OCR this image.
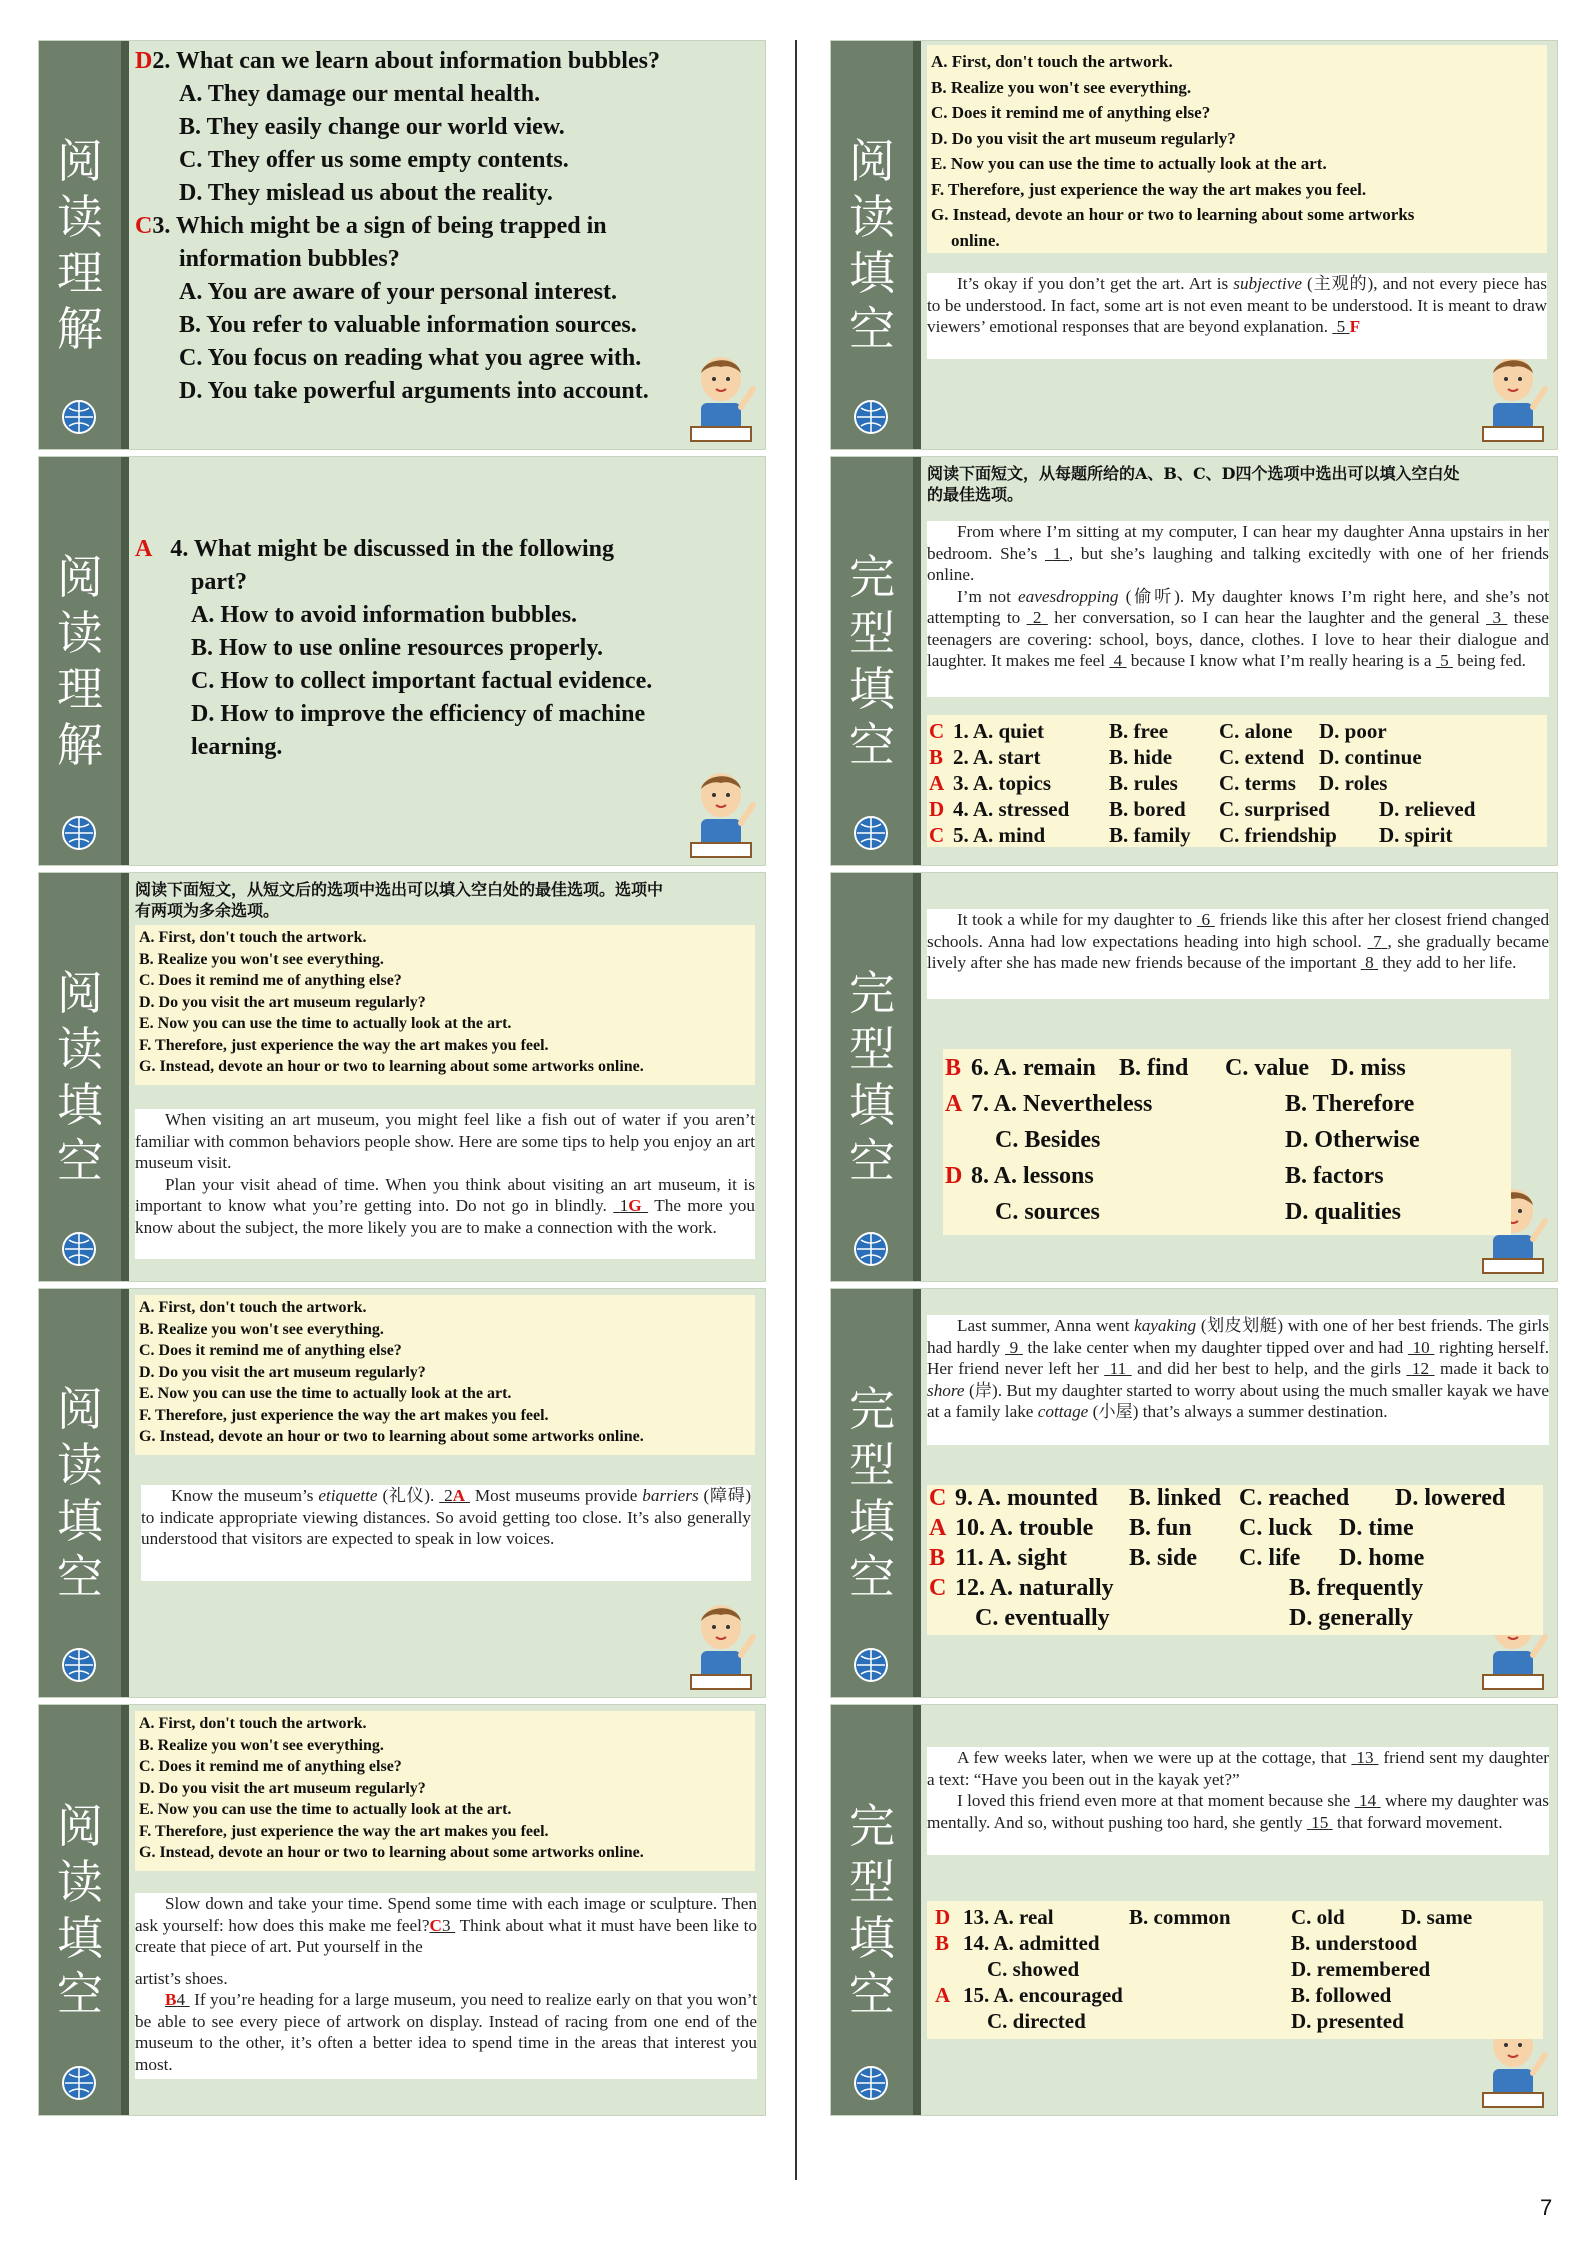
7
阅
读
理
解
D2. What can we learn about information bubbles?
A. They damage our mental health.
B. They easily change our world view.
C. They offer us some empty contents.
D. They mislead us about the reality.
C3. Which might be a sign of being trapped in
information bubbles?
A. You are aware of your personal interest.
B. You refer to valuable information sources.
C. You focus on reading what you agree with.
D. You take powerful arguments into account.
阅
读
理
解
A 4. What might be discussed in the following
part?
A. How to avoid information bubbles.
B. How to use online resources properly.
C. How to collect important factual evidence.
D. How to improve the efficiency of machine
learning.
阅
读
填
空
阅读下面短文，从短文后的选项中选出可以填入空白处的最佳选项。选项中
有两项为多余选项。
A. First, don't touch the artwork.
B. Realize you won't see everything.
C. Does it remind me of anything else?
D. Do you visit the art museum regularly?
E. Now you can use the time to actually look at the art.
F. Therefore, just experience the way the art makes you feel.
G. Instead, devote an hour or two to learning about some artworks online.

When visiting an art museum, you might feel like a fish out of water if you aren’t familiar with common behaviors people show. Here are some tips to help you enjoy an art museum visit.

Plan your visit ahead of time. When you think about visiting an art museum, it is important to know what you’re getting into. Do not go in blindly. 1G The more you know about the subject, the more likely you are to make a connection with the work.

阅
读
填
空
A. First, don't touch the artwork.
B. Realize you won't see everything.
C. Does it remind me of anything else?
D. Do you visit the art museum regularly?
E. Now you can use the time to actually look at the art.
F. Therefore, just experience the way the art makes you feel.
G. Instead, devote an hour or two to learning about some artworks online.

Know the museum’s etiquette (礼仪). 2A Most museums provide barriers (障碍) to indicate appropriate viewing distances. So avoid getting too close. It’s also generally understood that visitors are expected to speak in low voices.

阅
读
填
空
A. First, don't touch the artwork.
B. Realize you won't see everything.
C. Does it remind me of anything else?
D. Do you visit the art museum regularly?
E. Now you can use the time to actually look at the art.
F. Therefore, just experience the way the art makes you feel.
G. Instead, devote an hour or two to learning about some artworks online.

Slow down and take your time. Spend some time with each image or sculpture. Then ask yourself: how does this make me feel?C3 Think about what it must have been like to create that piece of art. Put yourself in the

artist’s shoes.

B4 If you’re heading for a large museum, you need to realize early on that you won’t be able to see every piece of artwork on display. Instead of racing from one end of the museum to the other, it’s often a better idea to spend time in the areas that interest you most.

阅
读
填
空
A. First, don't touch the artwork.
B. Realize you won't see everything.
C. Does it remind me of anything else?
D. Do you visit the art museum regularly?
E. Now you can use the time to actually look at the art.
F. Therefore, just experience the way the art makes you feel.
G. Instead, devote an hour or two to learning about some artworks
online.

It’s okay if you don’t get the art. Art is subjective (主观的), and not every piece has to be understood. In fact, some art is not even meant to be understood. It is meant to draw viewers’ emotional responses that are beyond explanation. 5 F

完
型
填
空
阅读下面短文，从每题所给的A、B、C、D四个选项中选出可以填入空白处
的最佳选项。

From where I’m sitting at my computer, I can hear my daughter Anna upstairs in her bedroom. She’s 1 , but she’s laughing and talking excitedly with one of her friends online.

I’m not eavesdropping (偷听). My daughter knows I’m right here, and she’s not attempting to 2 her conversation, so I can hear the laughter and the general 3 these teenagers are covering: school, boys, dance, clothes. I love to hear their dialogue and laughter. It makes me feel 4 because I know what I’m really hearing is a 5 being fed.

C 1. A. quiet	B. free C. alone D. poor
B 2. A. start	B. hide C. extend D. continue
A 3. A. topics	B. rules C. terms D. roles
D 4. A. stressed B. bored C. surprised D. relieved
C 5. A. mind	B. family C. friendship D. spirit
完
型
填
空

It took a while for my daughter to 6 friends like this after her closest friend changed schools. Anna had low expectations heading into high school. 7 , she gradually became lively after she has made new friends because of the important 8 they add to her life.

B 6. A. remain B. find C. value D. miss
A 7. A. Nevertheless	B. Therefore
C. Besides	D. Otherwise
D 8. A. lessons	B. factors
C. sources	D. qualities
完
型
填
空

Last summer, Anna went kayaking (划皮划艇) with one of her best friends. The girls had hardly 9 the lake center when my daughter tipped over and had 10 righting herself. Her friend never left her 11 and did her best to help, and the girls 12 made it back to shore (岸). But my daughter started to worry about using the much smaller kayak we have at a family lake cottage (小屋) that’s always a summer destination.

C 9. A. mounted B. linked C. reached D. lowered
A 10. A. trouble B. fun C. luck D. time
B 11. A. sight	B. side C. life D. home
C 12. A. naturally	B. frequently
C. eventually	D. generally
完
型
填
空

A few weeks later, when we were up at the cottage, that 13 friend sent my daughter a text: “Have you been out in the kayak yet?”

I loved this friend even more at that moment because she 14 where my daughter was mentally. And so, without pushing too hard, she gently 15 that forward movement.

D 13. A. real	B. common	C. old	D. same
B 14. A. admitted	B. understood
C. showed	D. remembered
A 15. A. encouraged	B. followed
C. directed	D. presented
